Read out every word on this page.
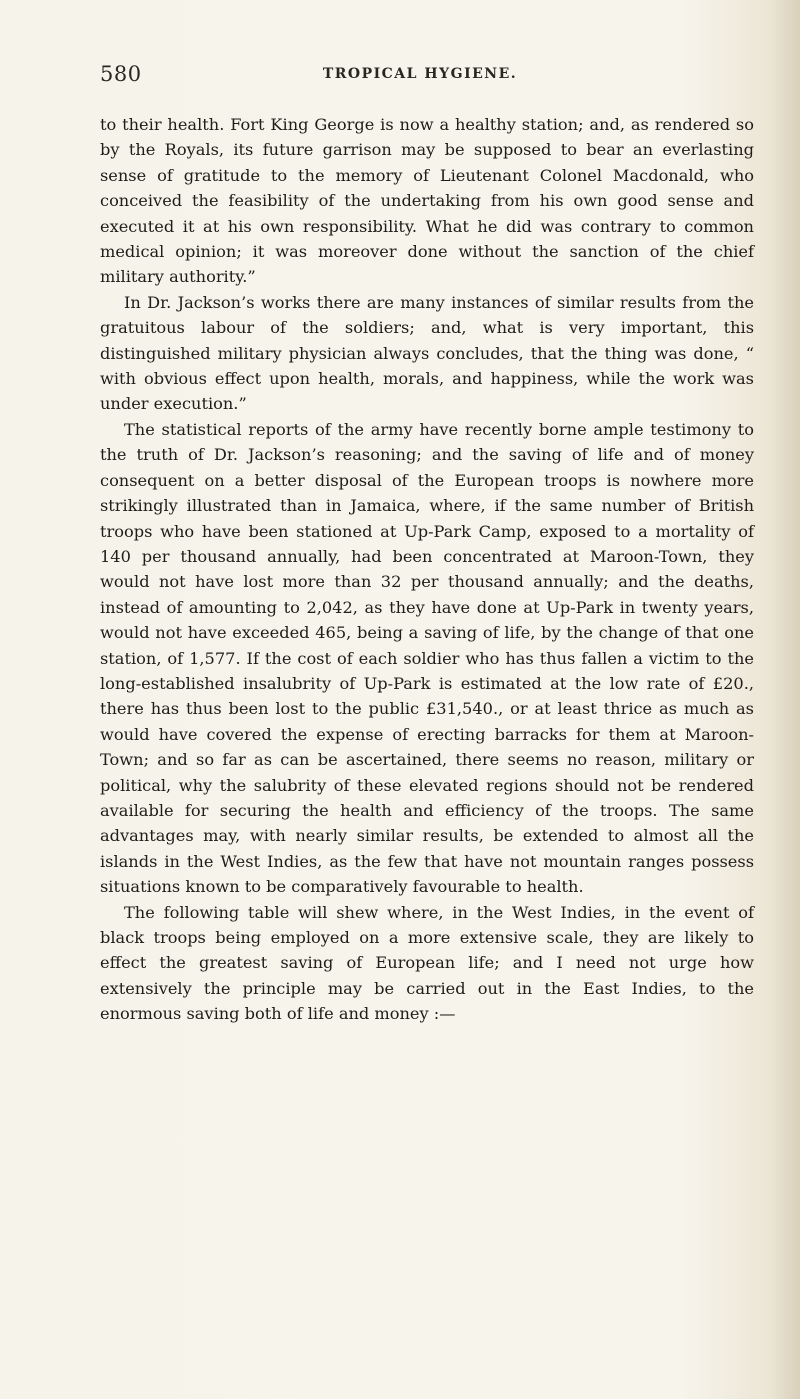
580	TROPICAL HYGIENE.

to their health. Fort King George is now a healthy station; and, as rendered so by the Royals, its future garrison may be supposed to bear an everlasting sense of gratitude to the memory of Lieutenant Colonel Macdonald, who conceived the feasibility of the undertaking from his own good sense and executed it at his own responsibility. What he did was contrary to common medical opinion; it was moreover done without the sanction of the chief military authority.”

In Dr. Jackson’s works there are many instances of similar results from the gratuitous labour of the soldiers; and, what is very important, this distinguished military physician always concludes, that the thing was done, “ with obvious effect upon health, morals, and happiness, while the work was under execution.”

The statistical reports of the army have recently borne ample testimony to the truth of Dr. Jackson’s reasoning; and the saving of life and of money consequent on a better disposal of the European troops is nowhere more strikingly illustrated than in Jamaica, where, if the same number of British troops who have been stationed at Up-Park Camp, exposed to a mortality of 140 per thousand annually, had been concentrated at Maroon-Town, they would not have lost more than 32 per thousand annually; and the deaths, instead of amounting to 2,042, as they have done at Up-Park in twenty years, would not have exceeded 465, being a saving of life, by the change of that one station, of 1,577. If the cost of each soldier who has thus fallen a victim to the long-established insalubrity of Up-Park is estimated at the low rate of £20., there has thus been lost to the public £31,540., or at least thrice as much as would have covered the expense of erecting barracks for them at Maroon-Town; and so far as can be ascertained, there seems no reason, military or political, why the salubrity of these elevated regions should not be rendered available for securing the health and efficiency of the troops. The same advantages may, with nearly similar results, be extended to almost all the islands in the West Indies, as the few that have not mountain ranges possess situations known to be comparatively favourable to health.

The following table will shew where, in the West Indies, in the event of black troops being employed on a more extensive scale, they are likely to effect the greatest saving of European life; and I need not urge how extensively the principle may be carried out in the East Indies, to the enormous saving both of life and money :—
